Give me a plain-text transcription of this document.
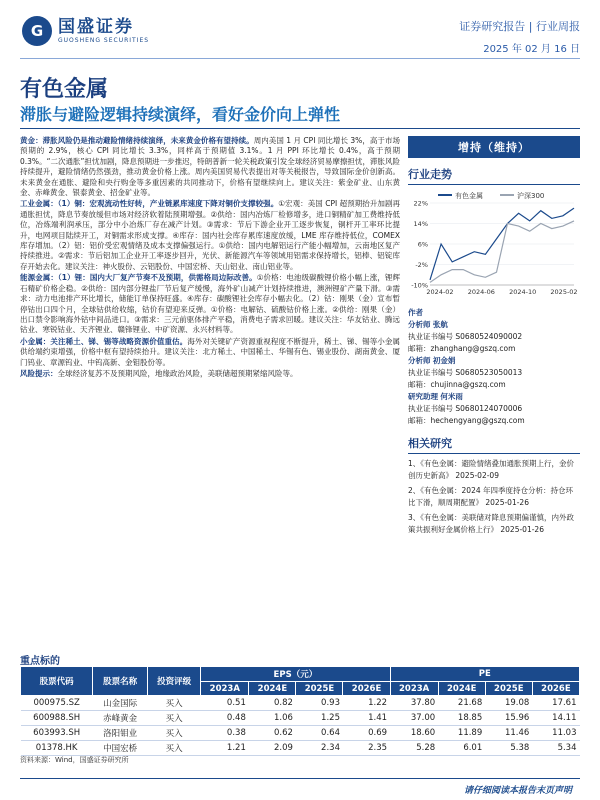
G 国盛证券
GUOSHENG SECURITIES
证券研究报告 | 行业周报
2025 年 02 月 16 日
有色金属
滞胀与避险逻辑持续演绎，看好金价向上弹性

黄金：滞胀风险仍是推动避险情绪持续演绎，未来黄金价格有望持续。周内美国 1 月 CPI 同比增长 3%，高于市场预期的 2.9%，核心 CPI 同比增长 3.3%，同样高于预期值 3.1%。1 月 PPI 环比增长 0.4%，高于预期 0.3%。“二次通胀”担忧加剧，降息预期进一步推迟，特朗普新一轮关税政策引发全球经济贸易摩擦担忧，滞胀风险持续提升，避险情绪仍然强劲，推动黄金价格上涨。周内美国贸易代表提出对等关税报告，导致国际金价创新高。未来黄金在通胀、避险和央行购金等多重因素的共同推动下，价格有望继续向上。建议关注：紫金矿业、山东黄金、赤峰黄金、银泰黄金、招金矿业等。

工业金属：（1）铜：宏观流动性好转，产业链累库速度下降对铜价支撑较强。①宏观：美国 CPI 超预期抬升加剧再通胀担忧，降息节奏放缓但市场对经济软着陆预期增强。②供给：国内冶炼厂检修增多，进口铜精矿加工费维持低位，冶炼端利润承压，部分中小冶炼厂存在减产计划。③需求：节后下游企业开工逐步恢复，铜杆开工率环比提升，电网项目陆续开工，对铜需求形成支撑。④库存：国内社会库存累库速度放缓，LME 库存维持低位，COMEX 库存增加。（2）铝：铝价受宏观情绪及成本支撑偏强运行。①供给：国内电解铝运行产能小幅增加，云南地区复产持续推进。②需求：节后铝加工企业开工率逐步回升，光伏、新能源汽车等领域用铝需求保持增长，铝棒、铝锭库存开始去化。建议关注：神火股份、云铝股份、中国宏桥、天山铝业、南山铝业等。

能源金属：（1）锂：国内大厂复产节奏不及预期，供需格局边际改善。①价格：电池级碳酸锂价格小幅上涨，锂辉石精矿价格企稳。②供给：国内部分锂盐厂节后复产缓慢，海外矿山减产计划持续推进，澳洲锂矿产量下滑。③需求：动力电池排产环比增长，储能订单保持旺盛。④库存：碳酸锂社会库存小幅去化。（2）钴：刚果（金）宣布暂停钴出口四个月，全球钴供给收缩，钴价有望迎来反弹。①价格：电解钴、硫酸钴价格上涨。②供给：刚果（金）出口禁令影响海外钴中间品进口。③需求：三元前驱体排产平稳，消费电子需求回暖。建议关注：华友钴业、腾远钴业、寒锐钴业、天齐锂业、赣锋锂业、中矿资源、永兴材料等。

小金属：关注稀土、锑、锡等战略资源价值重估。海外对关键矿产资源重视程度不断提升，稀土、锑、锡等小金属供给端约束增强，价格中枢有望持续抬升。建议关注：北方稀土、中国稀土、华锡有色、锡业股份、湖南黄金、厦门钨业、章源钨业、中钨高新、金钼股份等。

风险提示：全球经济复苏不及预期风险，地缘政治风险，美联储超预期紧缩风险等。

增持（维持）
行业走势
有色金属	沪深300
22%
14%
6%
-2%
-10%
2024-02 2024-06 2024-10 2025-02
作者
分析师 张航
执业证书编号 S0680524090002
邮箱：zhanghang@gszq.com
分析师 初金娟
执业证书编号 S0680523050013
邮箱：chujinna@gszq.com
研究助理 何米雨
执业证书编号 S0680124070006
邮箱：hechengyang@gszq.com
相关研究
1、《有色金属：避险情绪叠加通胀预期上行，金价创历史新高》 2025-02-09
2、《有色金属：2024 年四季度持仓分析：持仓环比下滑，顺周期配置》 2025-01-26
3、《有色金属：美联储对降息预期偏谨慎，内外政策共振利好金属价格上行》 2025-01-26
重点标的
股票代码	股票名称	投资评级	EPS（元）				PE			
			2023A	2024E	2025E	2026E	2023A	2024E	2025E	2026E
000975.SZ	山金国际	买入	0.51	0.82	0.93	1.22	37.80	21.68	19.08	17.61
600988.SH	赤峰黄金	买入	0.48	1.06	1.25	1.41	37.00	18.85	15.96	14.11
603993.SH	洛阳钼业	买入	0.38	0.62	0.64	0.69	18.60	11.89	11.46	11.03
01378.HK	中国宏桥	买入	1.21	2.09	2.34	2.35	5.28	6.01	5.38	5.34
资料来源：Wind，国盛证券研究所
请仔细阅读本报告末页声明
